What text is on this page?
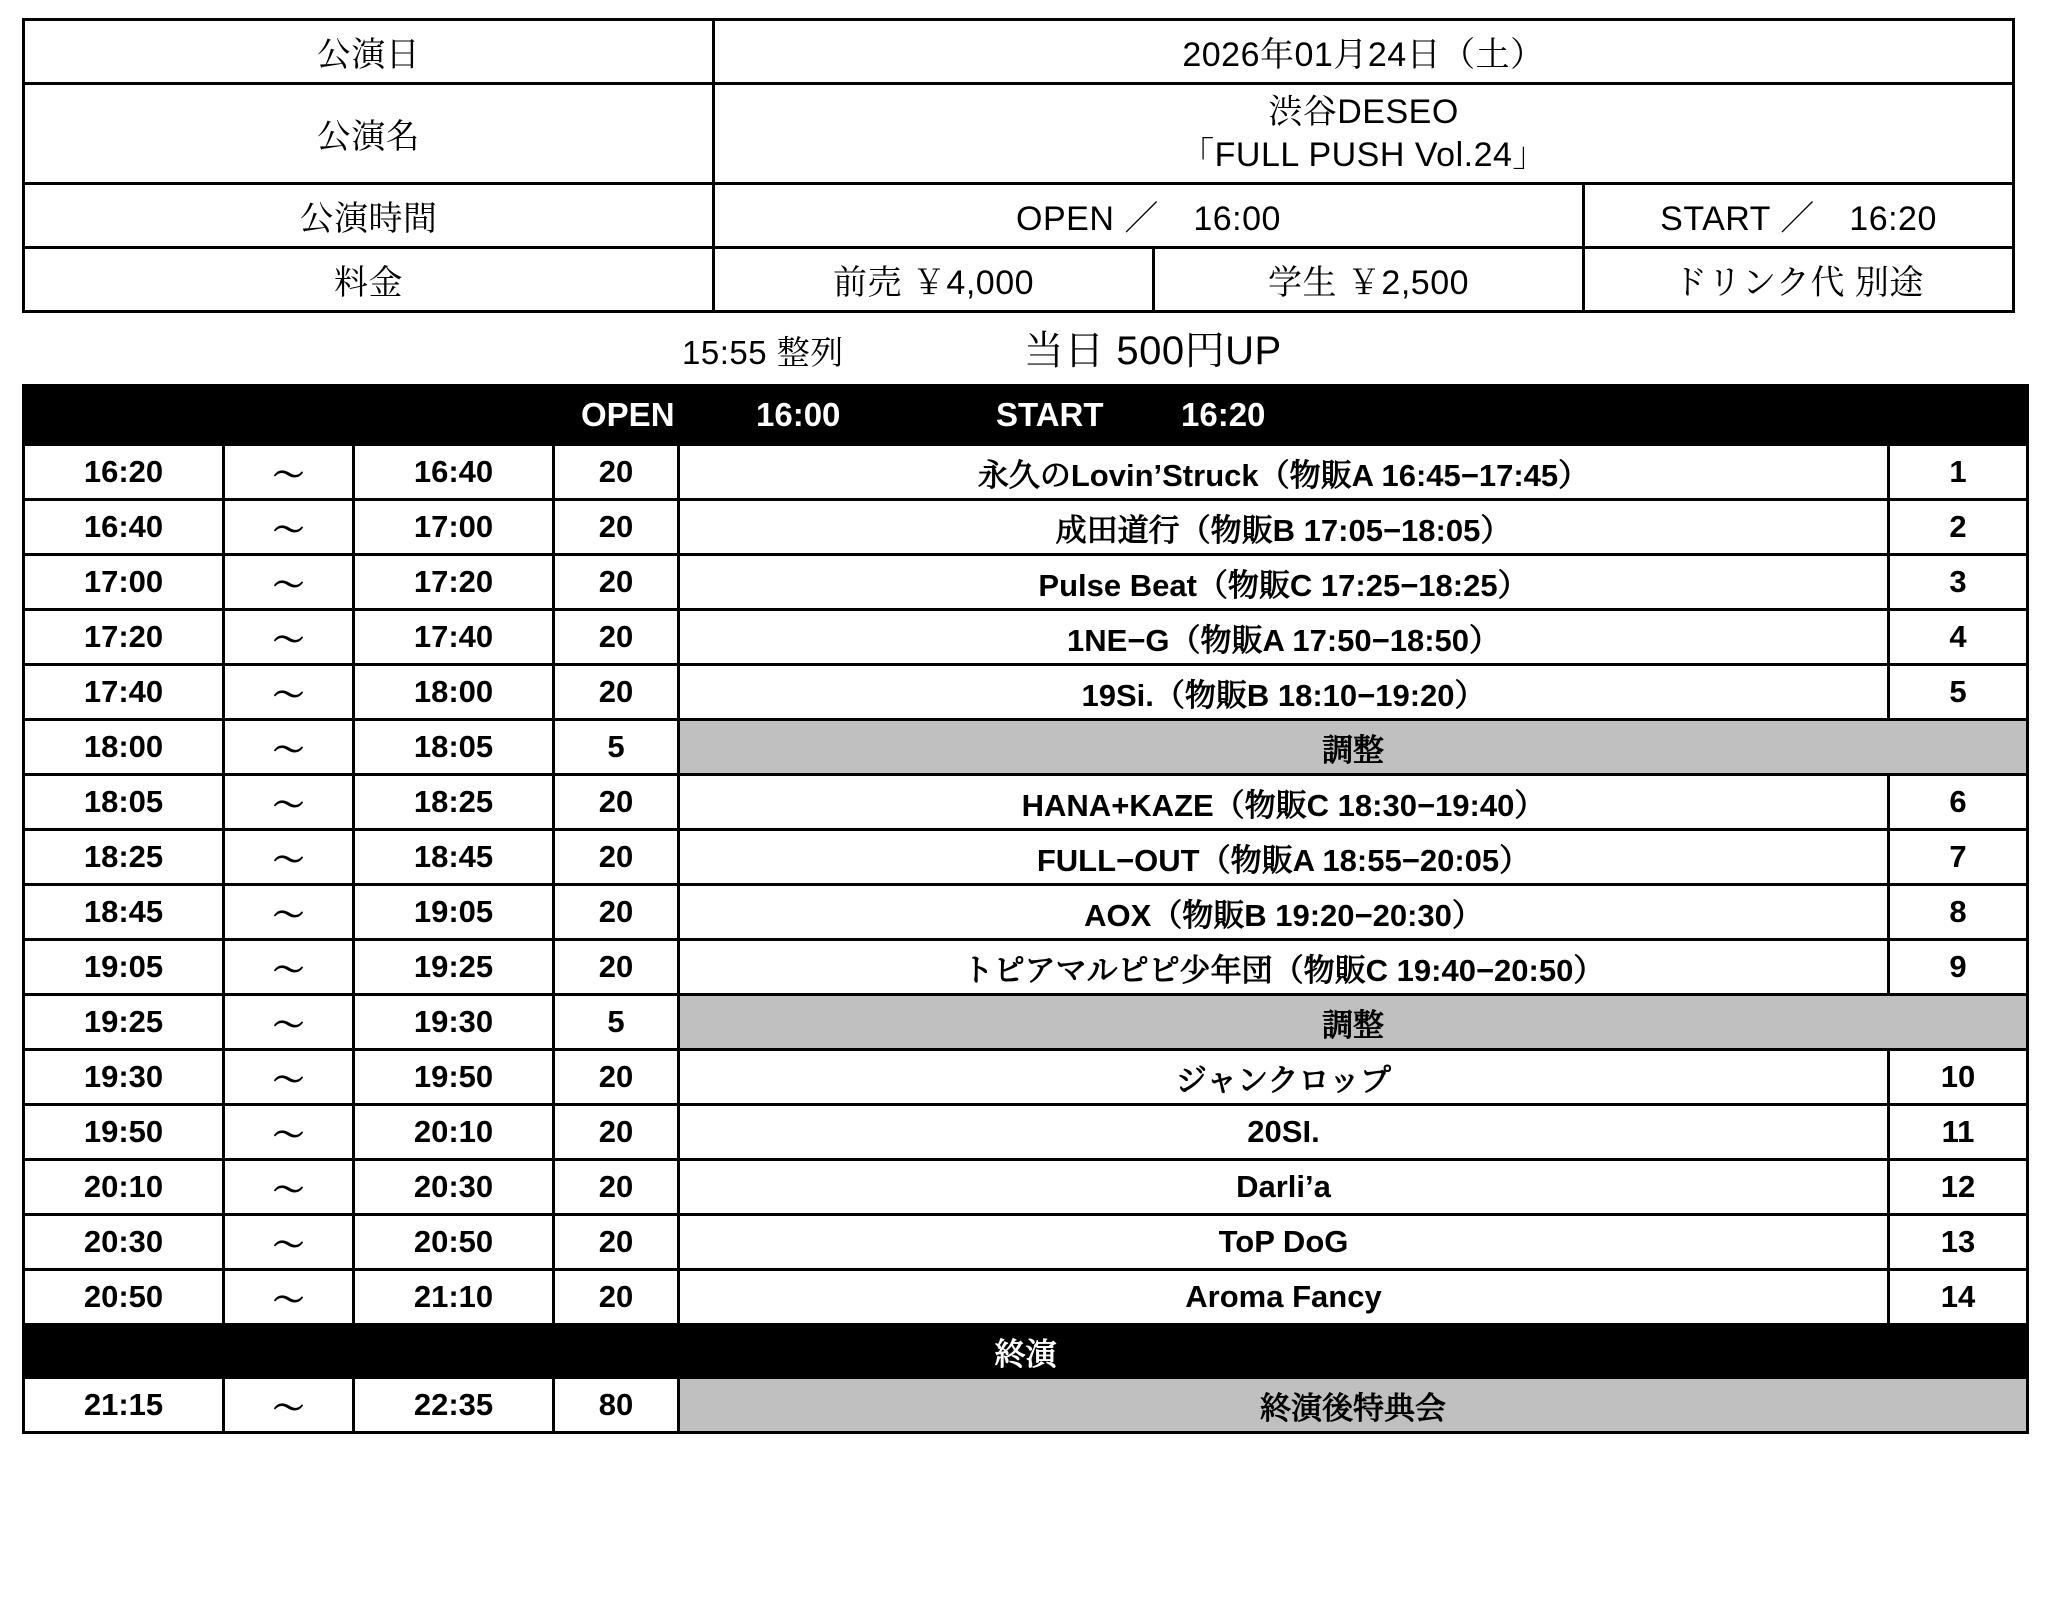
公演日	2026年01月24日（土）		
公演名	渋谷DESEO
「FULL PUSH Vol.24」		

公演時間	OPEN ／　16:00		START ／　16:20
料金	前売 ￥4,000	学生 ￥2,500	ドリンク代 別途
15:55 整列	当日 500円UP
OPEN 16:00 START 16:20					

16:20	〜	16:40	20	永久のLovin’Struck（物販A 16:45−17:45）	1
16:40	〜	17:00	20	成田道行（物販B 17:05−18:05）	2
17:00	〜	17:20	20	Pulse Beat（物販C 17:25−18:25）	3
17:20	〜	17:40	20	1NE−G（物販A 17:50−18:50）	4
17:40	〜	18:00	20	19Si.（物販B 18:10−19:20）	5
18:00	〜	18:05	5	調整	
18:05	〜	18:25	20	HANA+KAZE（物販C 18:30−19:40）	6
18:25	〜	18:45	20	FULL−OUT（物販A 18:55−20:05）	7
18:45	〜	19:05	20	AOX（物販B 19:20−20:30）	8
19:05	〜	19:25	20	トピアマルピピ少年団（物販C 19:40−20:50）	9
19:25	〜	19:30	5	調整	
19:30	〜	19:50	20	ジャンクロップ	10
19:50	〜	20:10	20	20SI.	11
20:10	〜	20:30	20	Darli’a	12
20:30	〜	20:50	20	ToP DoG	13
20:50	〜	21:10	20	Aroma Fancy	14
終演					
21:15	〜	22:35	80	終演後特典会	
